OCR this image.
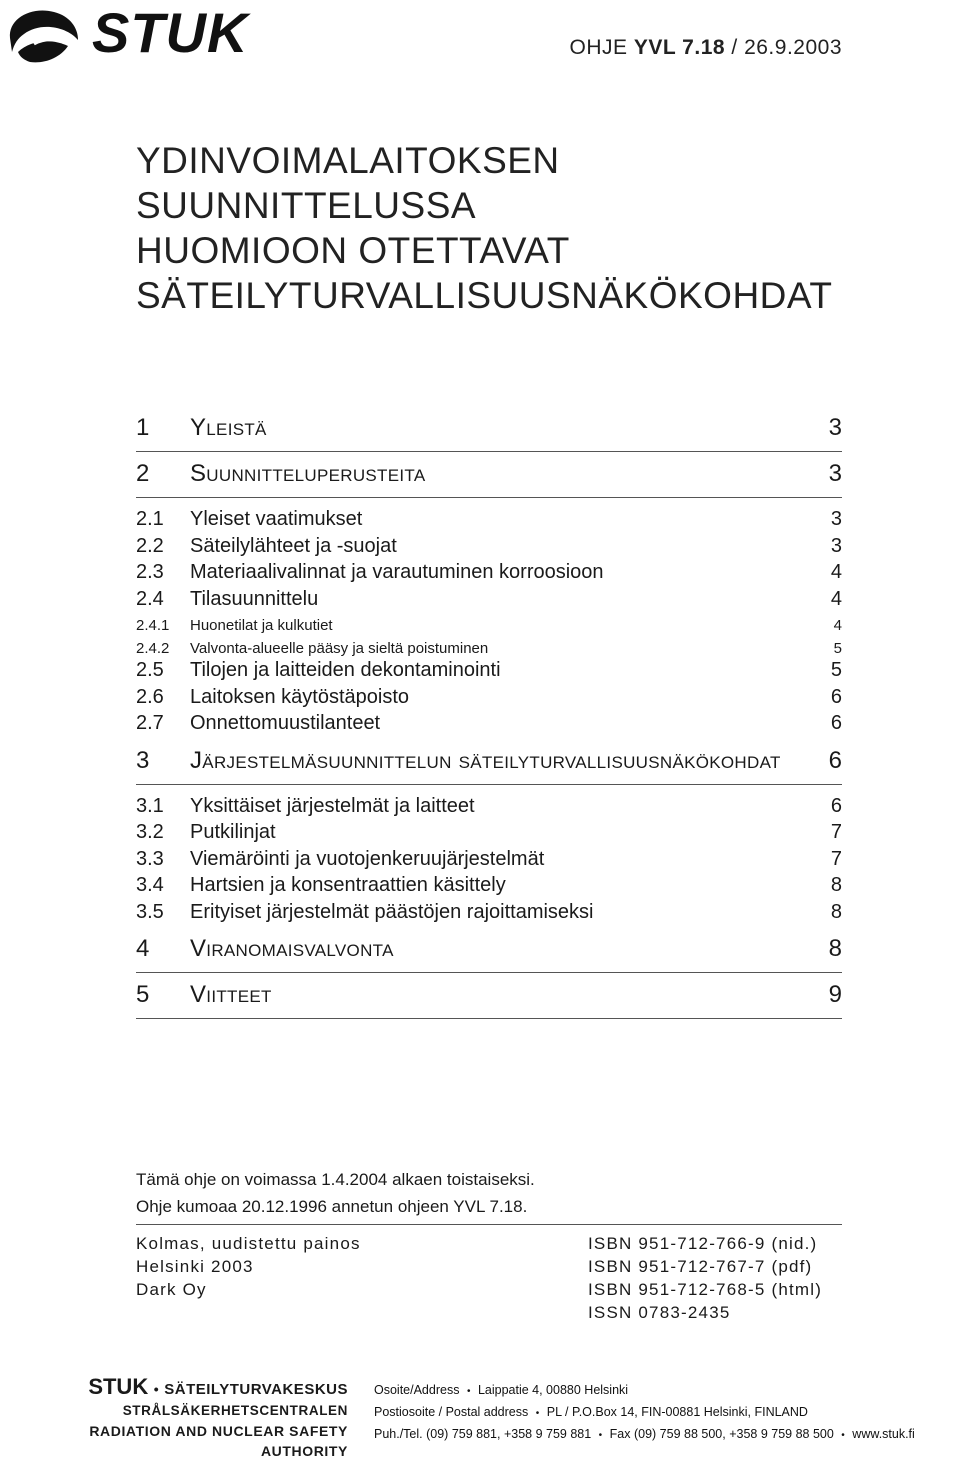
STUK	OHJE YVL 7.18 / 26.9.2003
YDINVOIMALAITOKSEN
SUUNNITTELUSSA
HUOMIOON OTETTAVAT
SÄTEILYTURVALLISUUSNÄKÖKOHDAT
1	Yleistä	3
2	Suunnitteluperusteita	3
2.1	Yleiset vaatimukset	3
2.2	Säteilylähteet ja -suojat	3
2.3	Materiaalivalinnat ja varautuminen korroosioon	4
2.4	Tilasuunnittelu	4
2.4.1	Huonetilat ja kulkutiet	4
2.4.2	Valvonta-alueelle pääsy ja sieltä poistuminen	5
2.5	Tilojen ja laitteiden dekontaminointi	5
2.6	Laitoksen käytöstäpoisto	6
2.7	Onnettomuustilanteet	6
3	Järjestelmäsuunnittelun säteilyturvallisuusnäkökohdat	6
3.1	Yksittäiset järjestelmät ja laitteet	6
3.2	Putkilinjat	7
3.3	Viemäröinti ja vuotojenkeruujärjestelmät	7
3.4	Hartsien ja konsentraattien käsittely	8
3.5	Erityiset järjestelmät päästöjen rajoittamiseksi	8
4	Viranomaisvalvonta	8
5	Viitteet	9
Tämä ohje on voimassa 1.4.2004 alkaen toistaiseksi.
Ohje kumoaa 20.12.1996 annetun ohjeen YVL 7.18.
Kolmas, uudistettu painos
Helsinki 2003
Dark Oy
ISBN 951-712-766-9 (nid.)
ISBN 951-712-767-7 (pdf)
ISBN 951-712-768-5 (html)
ISSN 0783-2435
STUK • SÄTEILYTURVAKESKUS
STRÅLSÄKERHETSCENTRALEN
RADIATION AND NUCLEAR SAFETY AUTHORITY
Osoite/Address • Laippatie 4, 00880 Helsinki
Postiosoite / Postal address • PL / P.O.Box 14, FIN-00881 Helsinki, FINLAND
Puh./Tel. (09) 759 881, +358 9 759 881 • Fax (09) 759 88 500, +358 9 759 88 500 • www.stuk.fi
